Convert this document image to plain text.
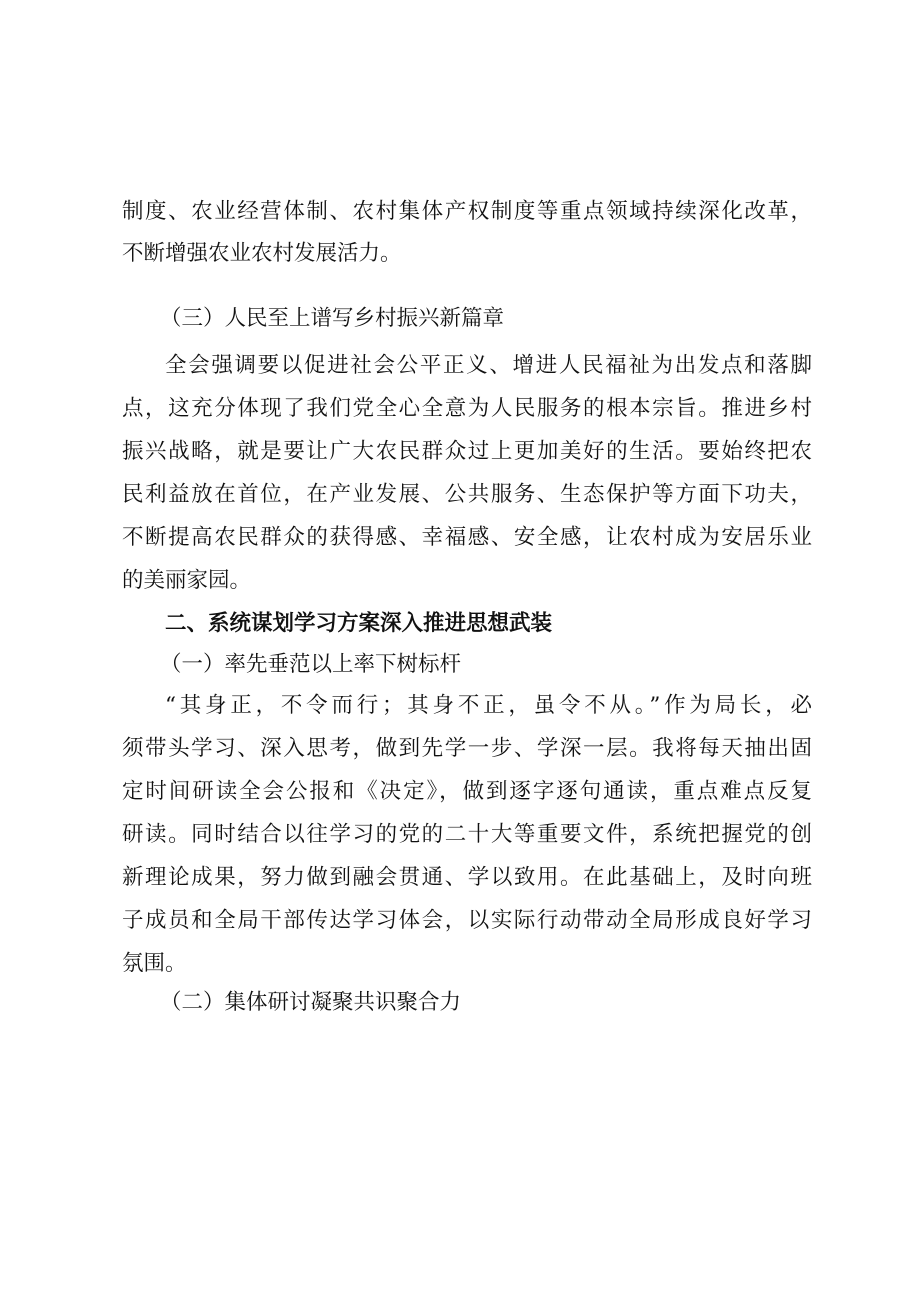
制度、农业经营体制、农村集体产权制度等重点领域持续深化改革，
不断增强农业农村发展活力。
（三）人民至上谱写乡村振兴新篇章
全会强调要以促进社会公平正义、增进人民福祉为出发点和落脚
点，这充分体现了我们党全心全意为人民服务的根本宗旨。推进乡村
振兴战略，就是要让广大农民群众过上更加美好的生活。要始终把农
民利益放在首位，在产业发展、公共服务、生态保护等方面下功夫，
不断提高农民群众的获得感、幸福感、安全感，让农村成为安居乐业
的美丽家园。
二、系统谋划学习方案深入推进思想武装
（一）率先垂范以上率下树标杆
“其身正，不令而行；其身不正，虽令不从。”作为局长，必
须带头学习、深入思考，做到先学一步、学深一层。我将每天抽出固
定时间研读全会公报和《决定》，做到逐字逐句通读，重点难点反复
研读。同时结合以往学习的党的二十大等重要文件，系统把握党的创
新理论成果，努力做到融会贯通、学以致用。在此基础上，及时向班
子成员和全局干部传达学习体会，以实际行动带动全局形成良好学习
氛围。
（二）集体研讨凝聚共识聚合力
